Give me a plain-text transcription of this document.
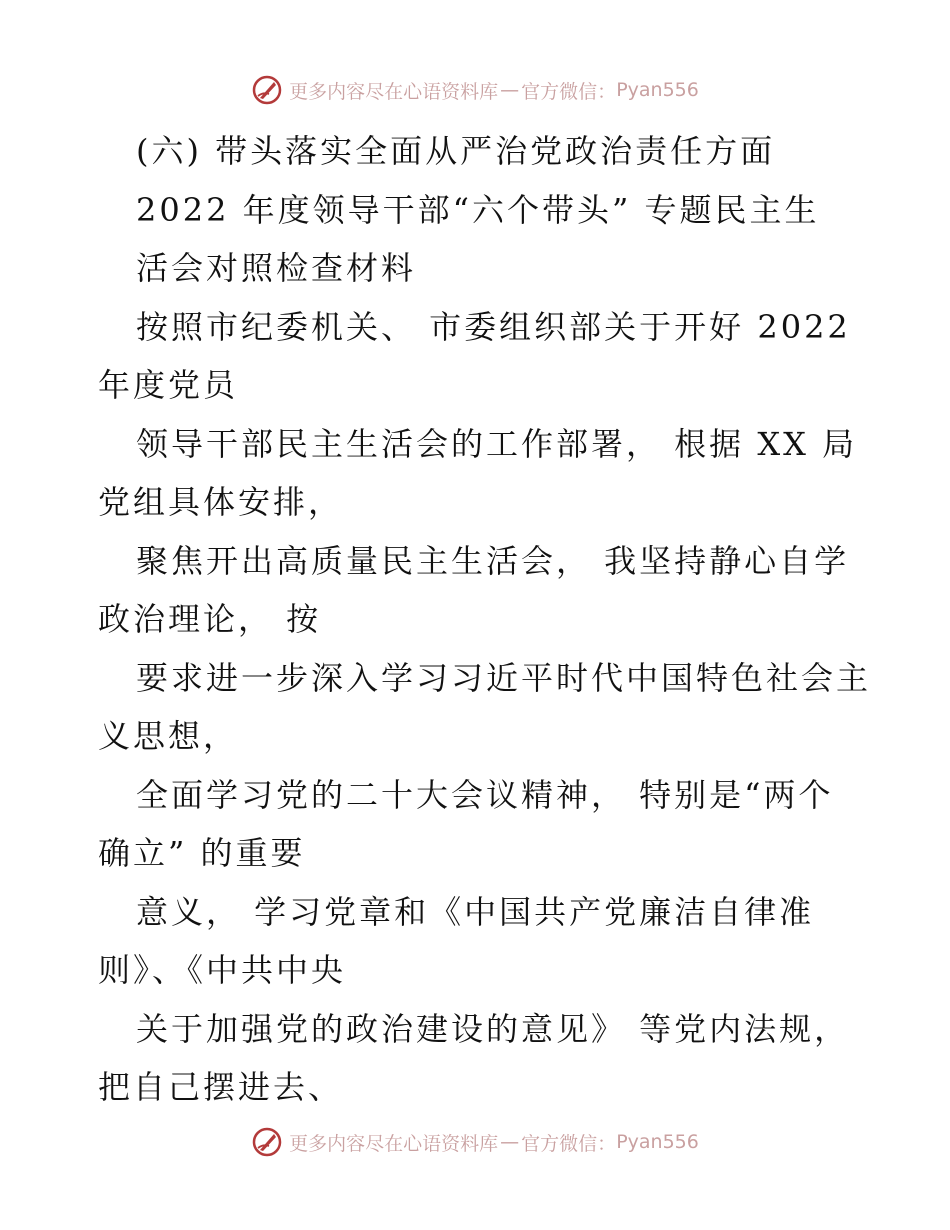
更多内容尽在心语资料库 — 官方微信： Pyan556
(六) 带头落实全面从严治党政治责任方面
2022 年度领导干部“六个带头” 专题民主生
活会对照检查材料
按照市纪委机关、 市委组织部关于开好 2022
年度党员
领导干部民主生活会的工作部署， 根据 XX 局
党组具体安排，
聚焦开出高质量民主生活会， 我坚持静心自学
政治理论， 按
要求进一步深入学习习近平时代中国特色社会主
义思想，
全面学习党的二十大会议精神， 特别是“两个
确立” 的重要
意义， 学习党章和《中国共产党廉洁自律准
则》、《中共中央
关于加强党的政治建设的意见》 等党内法规，
把自己摆进去、
更多内容尽在心语资料库 — 官方微信： Pyan556
